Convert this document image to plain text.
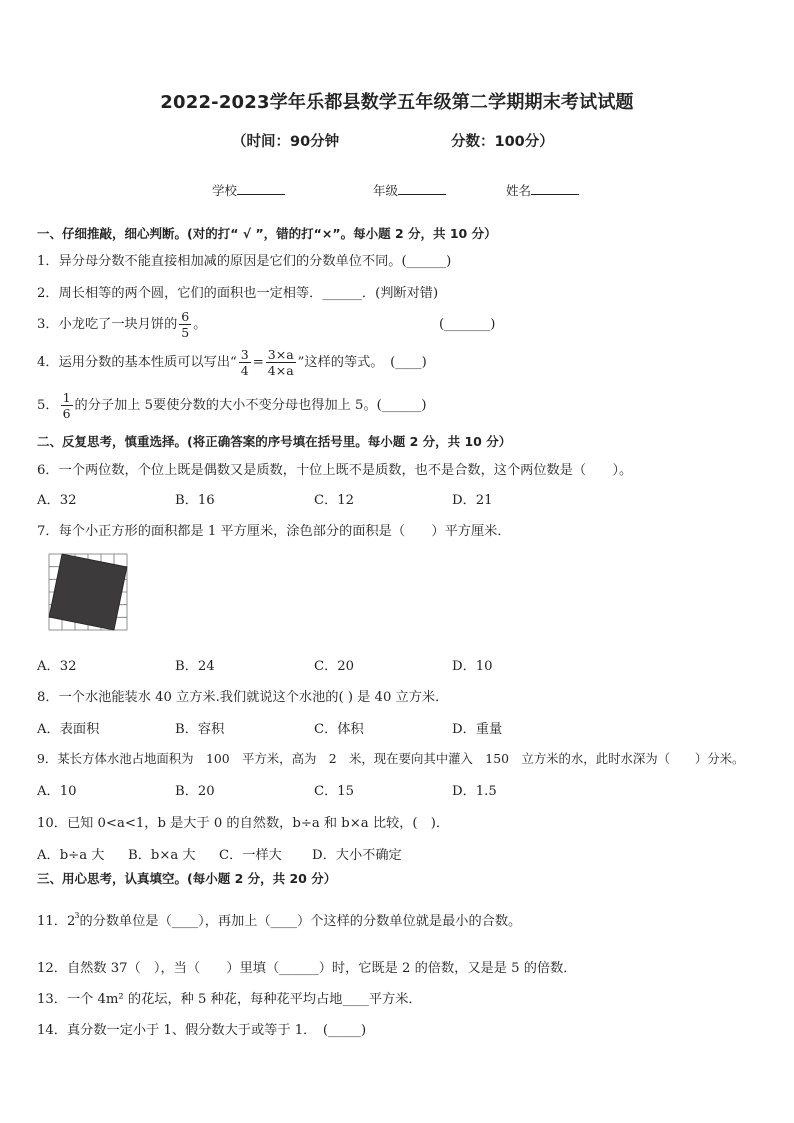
2022-2023学年乐都县数学五年级第二学期期末考试试题
（时间：90分钟	分数：100分）
学校	年级	姓名
一、仔细推敲，细心判断。(对的打“ √ ”，错的打“×”。每小题 2 分，共 10 分）
1．异分母分数不能直接相加减的原因是它们的分数单位不同。(______)
2．周长相等的两个圆，它们的面积也一定相等．______．(判断对错)
3．小龙吃了一块月饼的 $\frac{6}{5}$ 。	(_______)
4．运用分数的基本性质可以写出“ $\frac{3}{4} = \frac{3\times a}{4\times a}$ ”这样的等式。　(____)
5． $\frac{1}{6}$ 的分子加上 5要使分数的大小不变分母也得加上 5。(______)
二、反复思考，慎重选择。(将正确答案的序号填在括号里。每小题 2 分，共 10 分）
6．一个两位数，个位上既是偶数又是质数，十位上既不是质数，也不是合数，这个两位数是（　　）。
A．32	B．16	C．12	D．21
7．每个小正方形的面积都是 1 平方厘米，涂色部分的面积是（　　）平方厘米．
A．32	B．24	C．20	D．10
8．一个水池能装水 40 立方米.我们就说这个水池的( ) 是 40 立方米．
A．表面积	B．容积	C．体积	D．重量
9．某长方体水池占地面积为　100　平方米，高为　2　米，现在要向其中灌入　150　立方米的水，此时水深为（　　）分米。
A．10	B．20	C．15	D．1.5
10．已知 0<a<1，b 是大于 0 的自然数，b÷a 和 b×a 比较，(　)．
A．b÷a 大 B．b×a 大 C．一样大 D．大小不确定
三、用心思考，认真填空。(每小题 2 分，共 20 分）
11．$2^3$的分数单位是（____），再加上（____）个这样的分数单位就是最小的合数。
12．自然数 37（　），当（　　）里填（______）时，它既是 2 的倍数，又是是 5 的倍数．
13．一个 4m² 的花坛，种 5 种花，每种花平均占地____平方米．
14．真分数一定小于 1、假分数大于或等于 1．　(_____)
